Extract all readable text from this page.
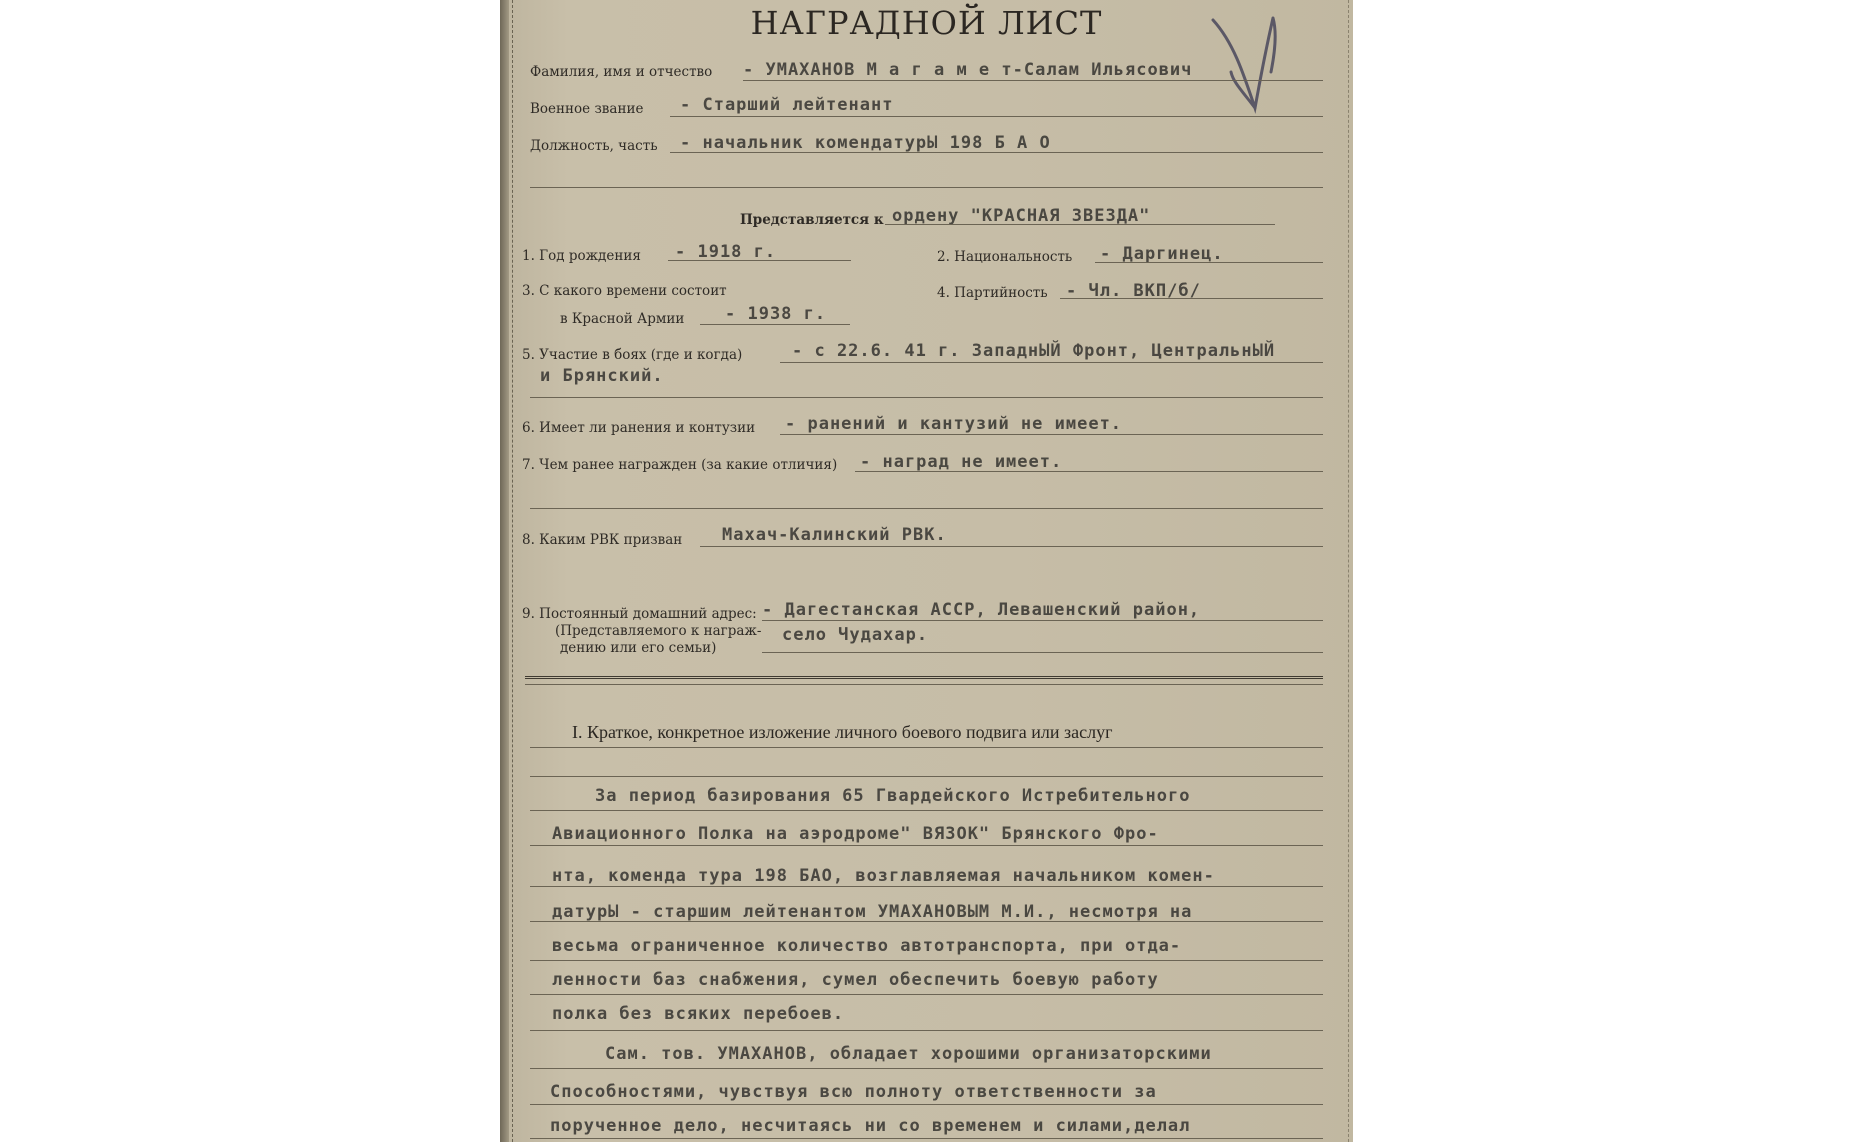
НАГРАДНОЙ ЛИСТ
Фамилия, имя и отчество - УМАХАНОВ М а г а м е т-Салам Ильясович
Военное звание - Старший лейтенант
Должность, часть - начальник комендатурЫ 198 Б А О
Представляется к ордену "КРАСНАЯ ЗВЕЗДА"
1. Год рождения - 1918 г.	2. Национальность - Даргинец.
3. С какого времени состоит
в Красной Армии - 1938 г.
4. Партийность - Чл. ВКП/б/
5. Участие в боях (где и когда)	- с 22.6. 41 г. ЗападнЫЙ Фронт, ЦентральнЫЙ
и Брянский.
6. Имеет ли ранения и контузии - ранений и кантузий не имеет.
7. Чем ранее награжден (за какие отличия) - наград не имеет.
8. Каким РВК призван Махач-Калинский РВК.
9. Постоянный домашний адрес:
(Представляемого к награж-
дению или его семьи)
- Дагестанская АССР, Левашенский район,
село Чудахар.
I. Краткое, конкретное изложение личного боевого подвига или заслуг
За период базирования 65 Гвардейского Истребительного
Авиационного Полка на аэродроме" ВЯЗОК" Брянского Фро-
нта, коменда тура 198 БАО, возглавляемая начальником комен-
датурЫ - старшим лейтенантом УМАХАНОВЫМ М.И., несмотря на
весьма ограниченное количество автотранспорта, при отда-
ленности баз снабжения, сумел обеспечить боевую работу
полка без всяких перебоев.
Сам. тов. УМАХАНОВ, обладает хорошими организаторскими
Способностями, чувствуя всю полноту ответственности за
порученное дело, несчитаясь ни со временем и силами,делал
